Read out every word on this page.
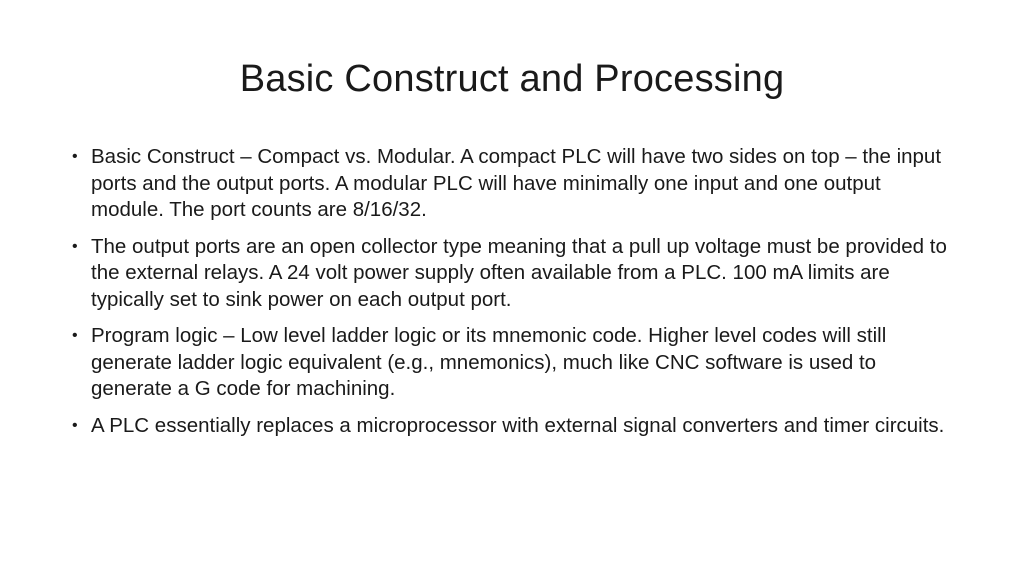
Basic Construct and Processing
• Basic Construct – Compact vs. Modular. A compact PLC will have two sides on top – the input ports and the output ports. A modular PLC will have minimally one input and one output module. The port counts are 8/16/32.
• The output ports are an open collector type meaning that a pull up voltage must be provided to the external relays. A 24 volt power supply often available from a PLC. 100 mA limits are typically set to sink power on each output port.
• Program logic – Low level ladder logic or its mnemonic code. Higher level codes will still generate ladder logic equivalent (e.g., mnemonics), much like CNC software is used to generate a G code for machining.
• A PLC essentially replaces a microprocessor with external signal converters and timer circuits.
